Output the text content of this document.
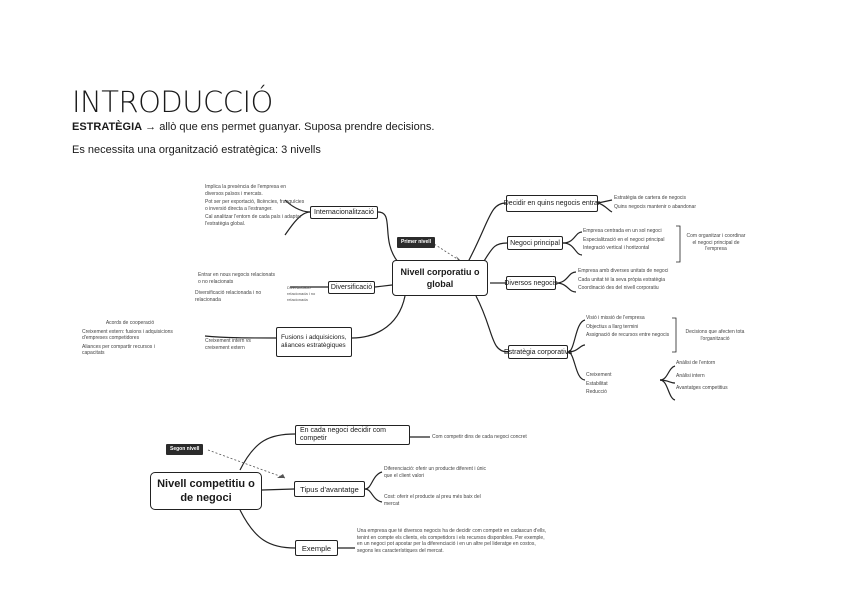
INTRODUCCIÓ
ESTRATÈGIA → allò que ens permet guanyar. Suposa prendre decisions.
Es necessita una organització estratègica: 3 nivells
Nivell corporatiu o global
Primer nivell
Internacionalització
Diversificació
Fusions i adquisicions, aliances estratègiques
Decidir en quins negocis entrar
Negoci principal
Diversos negocis
Estratègia corporativa

Implica la presència de l'empresa en diversos països i mercats.

Pot ser per exportació, llicències, franquícies o inversió directa a l'estranger.

Cal analitzar l'entorn de cada país i adaptar l'estratègia global.

Entrar en nous negocis relacionats o no relacionats
Diversificació relacionada i no relacionada
Diversificació relacionada i no relacionada

Acords de cooperació

Creixement extern: fusions i adquisicions d'empreses competidores

Aliances per compartir recursos i capacitats

Creixement intern vs creixement extern

Estratègia de cartera de negocis

Quins negocis mantenir o abandonar

Empresa centrada en un sol negoci

Especialització en el negoci principal

Integració vertical i horitzontal

Com organitzar i coordinar el negoci principal de l'empresa

Empresa amb diverses unitats de negoci

Cada unitat té la seva pròpia estratègia

Coordinació des del nivell corporatiu

Visió i missió de l'empresa

Objectius a llarg termini

Assignació de recursos entre negocis	Decisions que afecten tota l'organització

Creixement

Estabilitat

Reducció

Anàlisi de l'entorn

Anàlisi intern

Avantatges competitius

Nivell competitiu o de negoci
Segon nivell
En cada negoci decidir com competir
Tipus d'avantatge
Exemple
Com competir dins de cada negoci concret
Diferenciació: oferir un producte diferent i únic que el client valori
Cost: oferir el producte al preu més baix del mercat
Una empresa que té diversos negocis ha de decidir com competir en cadascun d'ells, tenint en compte els clients, els competidors i els recursos disponibles. Per exemple, en un negoci pot apostar per la diferenciació i en un altre pel lideratge en costos, segons les característiques del mercat.
